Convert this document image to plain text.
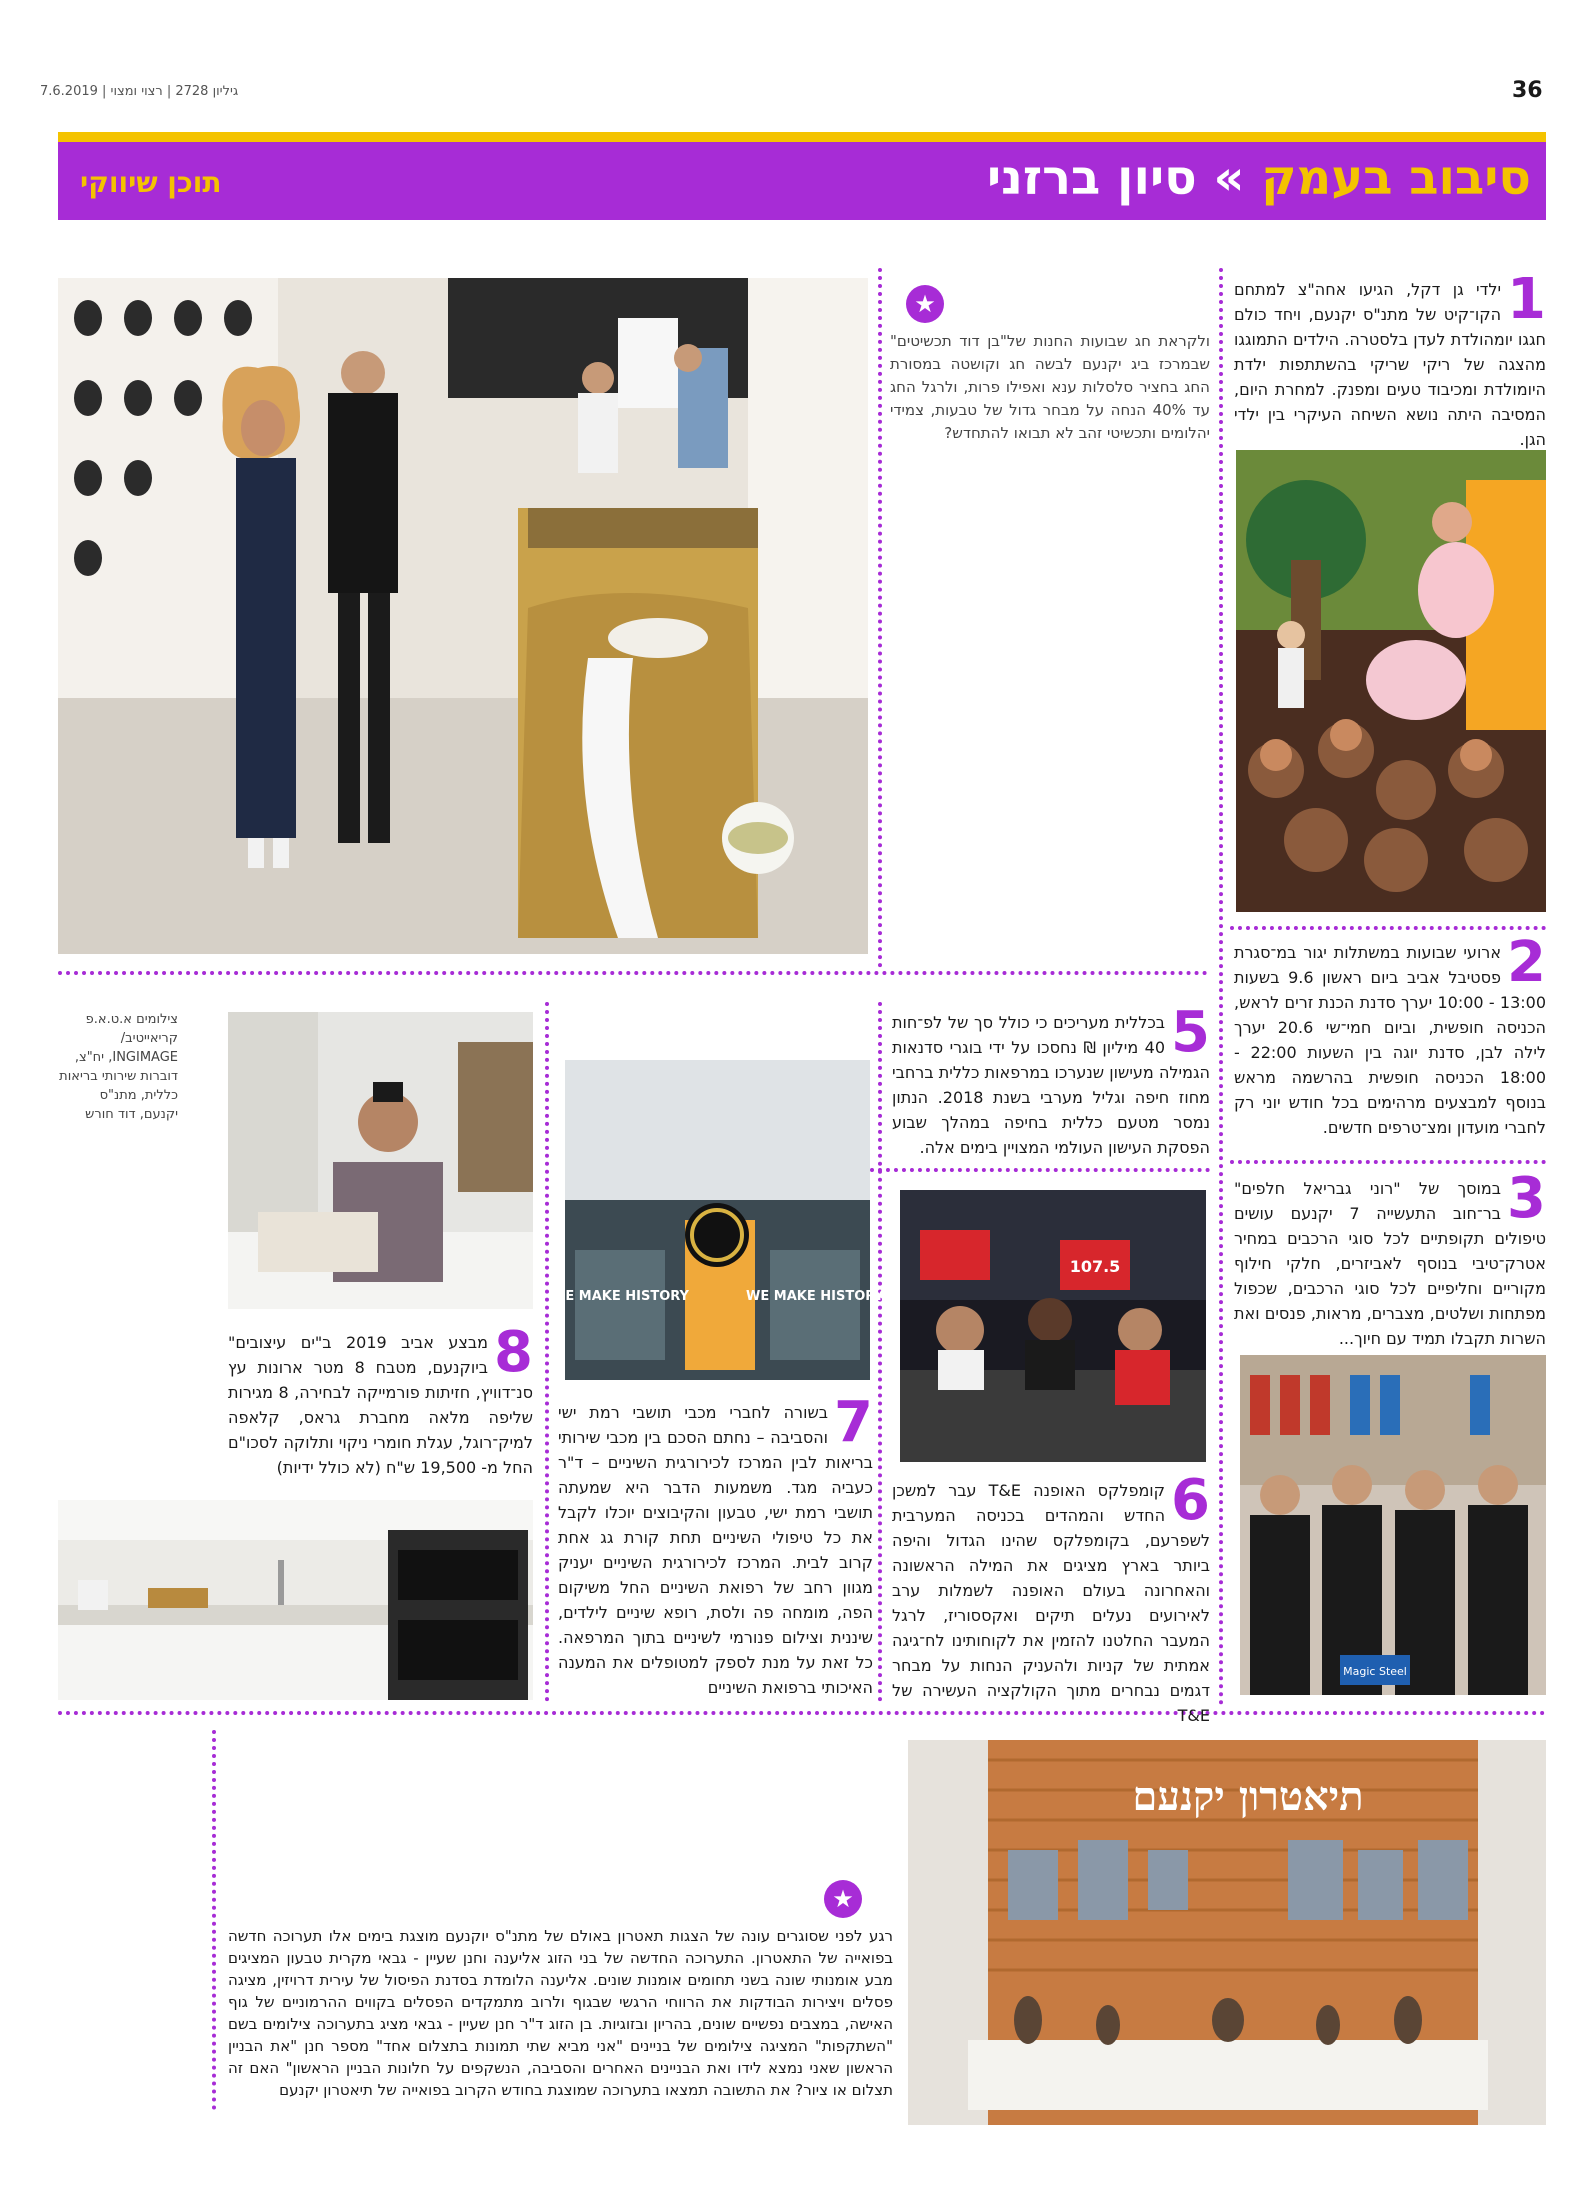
36
7.6.2019 | גיליון 2728 | רצוי ומצוי
סיבוב בעמק » סיון ברזני
תוכן שיווקי
1
ילדי גן דקל, הגיעו אחה"צ למתחם הקו־קיט של מתנ"ס יקנעם, ויחד כולם חגגו יומהולדת לעדן בלסטרה. הילדים התמוגגו מהצגה של ריקי שריקי בהשתתפות ילדת היומולדת ומכיבוד טעים ומפנק. למחרת היום, המסיבה היתה נושא השיחה העיקרי בין ילדי הגן.
2
ארועי שבועות במשתלות יגור במ־סגרת פסטיבל אביב ביום ראשון 9.6 בשעות 13:00 - 10:00 יערך סדנת הכנת זרים לראש, הכניסה חופשית, וביום חמי־שי 20.6 יערך לילה לבן, סדנת יוגה בין השעות 22:00 - 18:00 הכניסה חופשית בהרשמה מראש בנוסף למבצעים מרהימים בכל חודש יוני רק לחברי מועדון ומצ־טרפים חדשים.
3
במוסך של "רוני גבריאל חלפים" בר־חוב התעשייה 7 יקנעם עושים טיפולים תקופתיים לכל סוגי הרכבים במחיר אטרק־טיבי בנוסף לאביזרים, חלקי חילוף מקוריים וחליפיים לכל סוגי הרכבים, שכפול מפתחות ושלטים, מצברים, מראות, פנסים ואת השרות תקבלו תמיד עם חיוך...
Magic Steel
★
ולקראת חג שבועות החנות של"בן דוד תכשיטים" שבמרכז ביג יקנעם לבשה חג וקושטה במסורת החג בחציר סלסלות ענא ואפילו פרות, ולרגל החג עד 40% הנחה על מבחר גדול של טבעות, צמידי יהלומים ותכשיטי זהב לא תבואו להתחדש?
צילומים א.ט.א.פ קריאייטיב/ INGIMAGE, יח"צ, דוברות שירותי בריאות כללית, מתנ"ס יקנעם, דוד חורש
8
מבצע אביב 2019 ב"ים עיצובים" ביוקנעם, מטבח 8 מטר ארונות עץ סנ־דוויץ, חזיתות פורמייקה לבחירה, 8 מגירות שליפה מלאה מחברת גראס, קלאפה למיק־רוגל, עגלת חומרי ניקוי ותלוקה לסכו"ם החל מ- 19,500 ש"ח (לא כולל ידיות)
WE MAKE HISTORY	WE MAKE HISTORY
7
בשורה לחברי מכבי תושבי רמת ישי והסביבה – נחתם הסכם בין מכבי שירותי בריאות לבין המרכז לכירורגית השיניים – ד"ר כעביה מגד. משמעות הדבר היא שמעתה תושבי רמת ישי, טבעון והקיבוצים יוכלו לקבל את כל טיפולי השיניים תחת קורת גג אחת קרוב לבית. המרכז לכירורגית השיניים יעניק מגוון רחב של רפואת השיניים החל משיקום הפה, מומחה פה ולסת, רופא שיניים לילדים, שיננית וצילום פנורמי לשיניים בתוך המרפאה. כל זאת על מנת לספק למטופלים את המענה האיכותי ברפואת השיניים
5
בכללית מעריכים כי כולל סך של לפ־חות 40 מיליון ₪ נחסכו על ידי בוגרי סדנאות הגמילה מעישון שנערכו במרפאות כללית ברחבי מחוז חיפה וגליל מערבי בשנת 2018. הנתון נמסר מטעם כללית בחיפה במהלך שבוע הפסקת העישון העולמי המצויין בימים אלה.
107.5
6
קומפלקס האופנה T&E עבר למשכן החדש והמהדים בכניסה המערבית לשפרעם, בקומפלקס שהינו הגדול והיפה ביותר בארץ מציגים את המילה הראשונה והאחרונה בעולם האופנה לשמלות ערב לאירועים נעלים תיקים ואקססוריז, לרגל המעבר החלטנו להזמין את לקוחותינו לח־גיגה אמתית של קניות ולהעניק הנחות על מבחר דגמים נבחרים מתוך הקולקציה העשירה של T&E
תיאטרון יקנעם
★
רגע לפני שסוגרים עונה של הצגות תאטרון באולם של מתנ"ס יוקנעם מוצגת בימים אלו תערוכה חדשה בפואייה של התאטרון. התערוכה החדשה של בני הזוג אליענה וחנן שעיין - גבאי מקרית טבעון המציגים מבע אומנותי שונה בשני תחומים אומנות שונים. אליענה הלומדת בסדנת הפיסול של עירית דרויזין, מציגה פסלים ויצירות הבודקות את הרווחי הרגשי שבגוף ולרוב מתמקדים הפסלים בקווים ההרמוניים של גוף האישה, במצבים נפשיים שונים, בהריון ובזוגיות. בן הזוג ד"ר חנן שעיין - גבאי מציג בתערוכה צילומים בשם "השתקפות" המציגה צילומים של בניינים "אני מביא שתי תמונות בתצלום אחד" מספר חנן "את הבניין הראשון שאני נמצא לידו ואת הבניינים האחרים והסביבה, הנשקפים על חלונות הבניין הראשון" האם זה תצלום או ציור? את התשובה תמצאו בתערוכה שמוצגת בחודש הקרוב בפואייה של תיאטרון יקנעם
